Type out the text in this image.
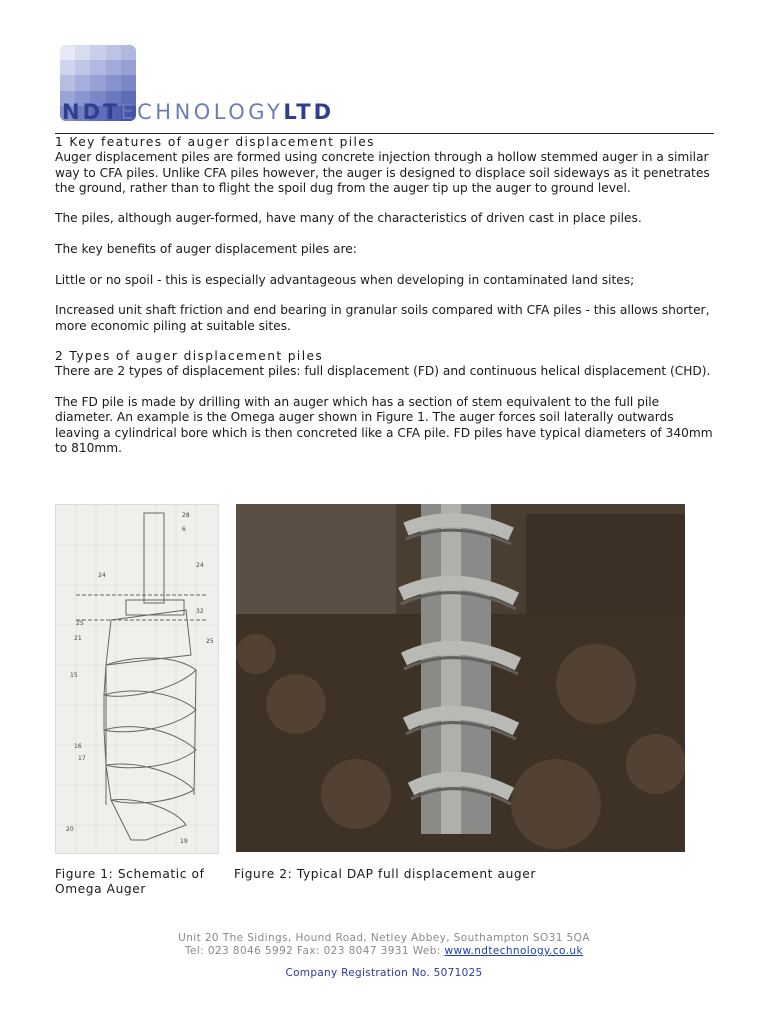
NDTECHNOLOGYLTD
1 Key features of auger displacement piles

Auger displacement piles are formed using concrete injection through a hollow stemmed auger in a similar way to CFA piles. Unlike CFA piles however, the auger is designed to displace soil sideways as it penetrates the ground, rather than to flight the spoil dug from the auger tip up the auger to ground level.

The piles, although auger-formed, have many of the characteristics of driven cast in place piles.

The key benefits of auger displacement piles are:

Little or no spoil - this is especially advantageous when developing in contaminated land sites;

Increased unit shaft friction and end bearing in granular soils compared with CFA piles - this allows shorter, more economic piling at suitable sites.

2 Types of auger displacement piles

There are 2 types of displacement piles: full displacement (FD) and continuous helical displacement (CHD).

The FD pile is made by drilling with an auger which has a section of stem equivalent to the full pile diameter. An example is the Omega auger shown in Figure 1. The auger forces soil laterally outwards leaving a cylindrical bore which is then concreted like a CFA pile. FD piles have typical diameters of 340mm to 810mm.

28
6
24
24
32
25
21
25
15
16
17
20
19
Figure 1: Schematic of Omega Auger
Figure 2: Typical DAP full displacement auger
Unit 20 The Sidings, Hound Road, Netley Abbey, Southampton SO31 5QA
Tel: 023 8046 5992 Fax: 023 8047 3931 Web: www.ndtechnology.co.uk
Company Registration No. 5071025
